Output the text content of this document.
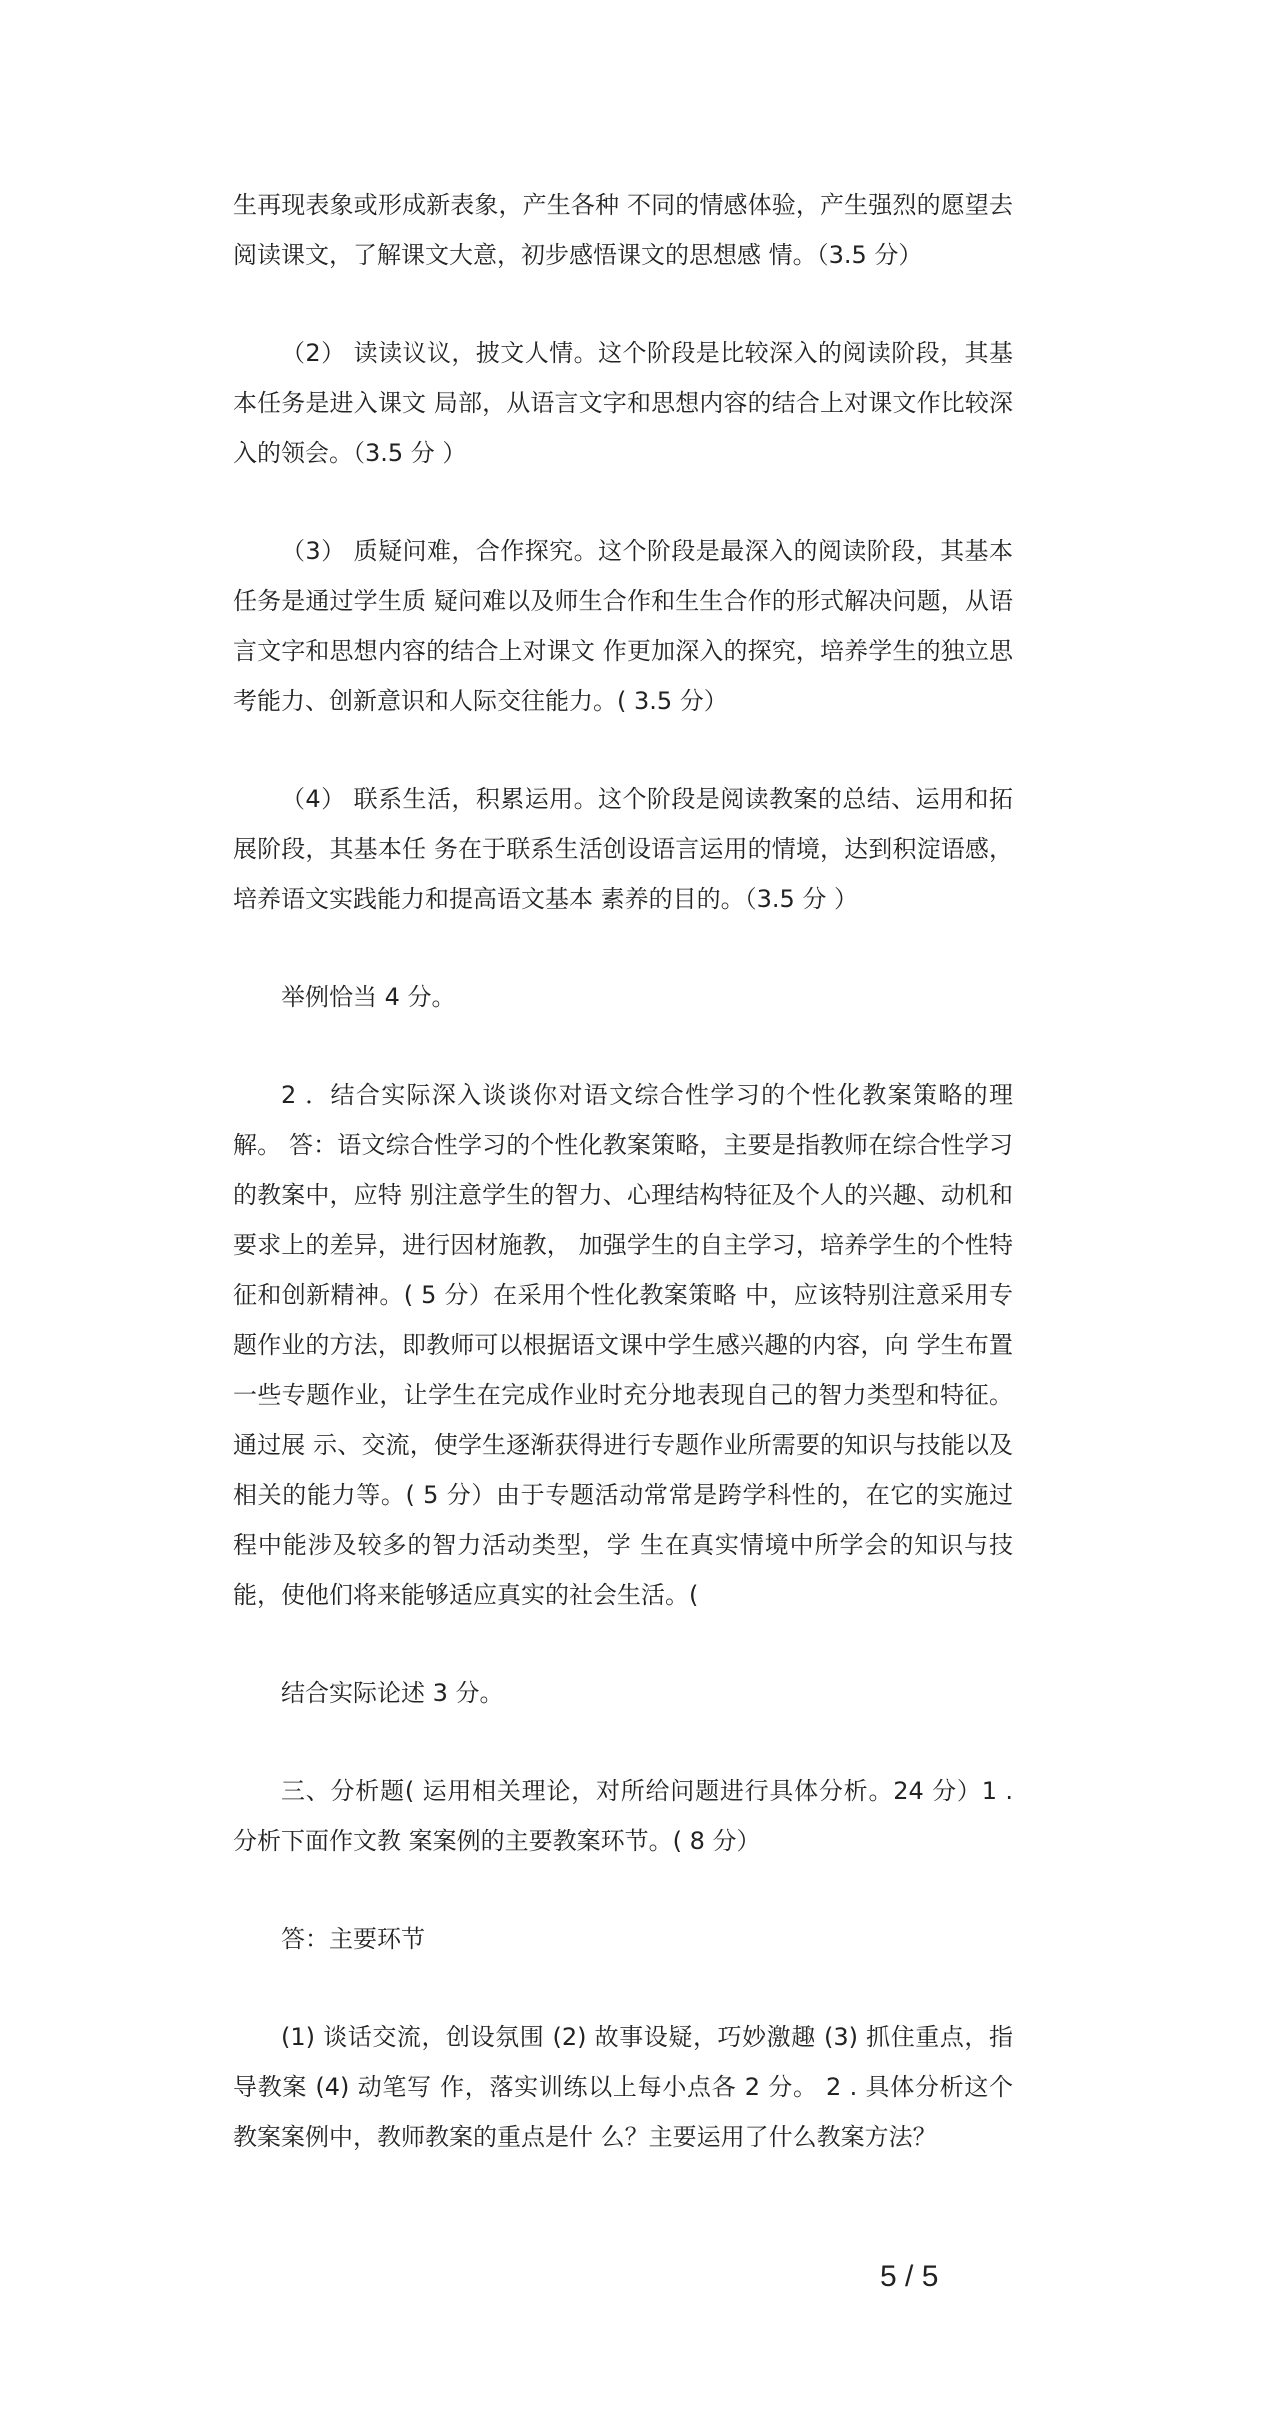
生再现表象或形成新表象，产生各种 不同的情感体验，产生强烈的愿望去阅读课文，了解课文大意，初步感悟课文的思想感 情。（3.5 分）

（2） 读读议议，披文人情。这个阶段是比较深入的阅读阶段，其基本任务是进入课文 局部，从语言文字和思想内容的结合上对课文作比较深入的领会。（3.5 分 ）

（3） 质疑问难，合作探究。这个阶段是最深入的阅读阶段，其基本任务是通过学生质 疑问难以及师生合作和生生合作的形式解决问题，从语言文字和思想内容的结合上对课文 作更加深入的探究，培养学生的独立思考能力、创新意识和人际交往能力。( 3.5 分）

（4） 联系生活，积累运用。这个阶段是阅读教案的总结、运用和拓展阶段，其基本任 务在于联系生活创设语言运用的情境，达到积淀语感，培养语文实践能力和提高语文基本 素养的目的。（3.5 分 ）

举例恰当 4 分。

2 ．结合实际深入谈谈你对语文综合性学习的个性化教案策略的理解。 答：语文综合性学习的个性化教案策略，主要是指教师在综合性学习的教案中，应特 别注意学生的智力、心理结构特征及个人的兴趣、动机和要求上的差异，进行因材施教， 加强学生的自主学习，培养学生的个性特征和创新精神。( 5 分）在采用个性化教案策略 中，应该特别注意采用专题作业的方法，即教师可以根据语文课中学生感兴趣的内容，向 学生布置一些专题作业，让学生在完成作业时充分地表现自己的智力类型和特征。通过展 示、交流，使学生逐渐获得进行专题作业所需要的知识与技能以及相关的能力等。( 5 分）由于专题活动常常是跨学科性的，在它的实施过程中能涉及较多的智力活动类型，学 生在真实情境中所学会的知识与技能，使他们将来能够适应真实的社会生活。(

结合实际论述 3 分。

三、分析题( 运用相关理论，对所给问题进行具体分析。24 分）1 .分析下面作文教 案案例的主要教案环节。( 8 分）

答：主要环节

(1) 谈话交流，创设氛围 (2) 故事设疑，巧妙激趣 (3) 抓住重点，指导教案 (4) 动笔写 作，落实训练以上每小点各 2 分。 2 . 具体分析这个教案案例中，教师教案的重点是什 么？主要运用了什么教案方法？

5 / 5
